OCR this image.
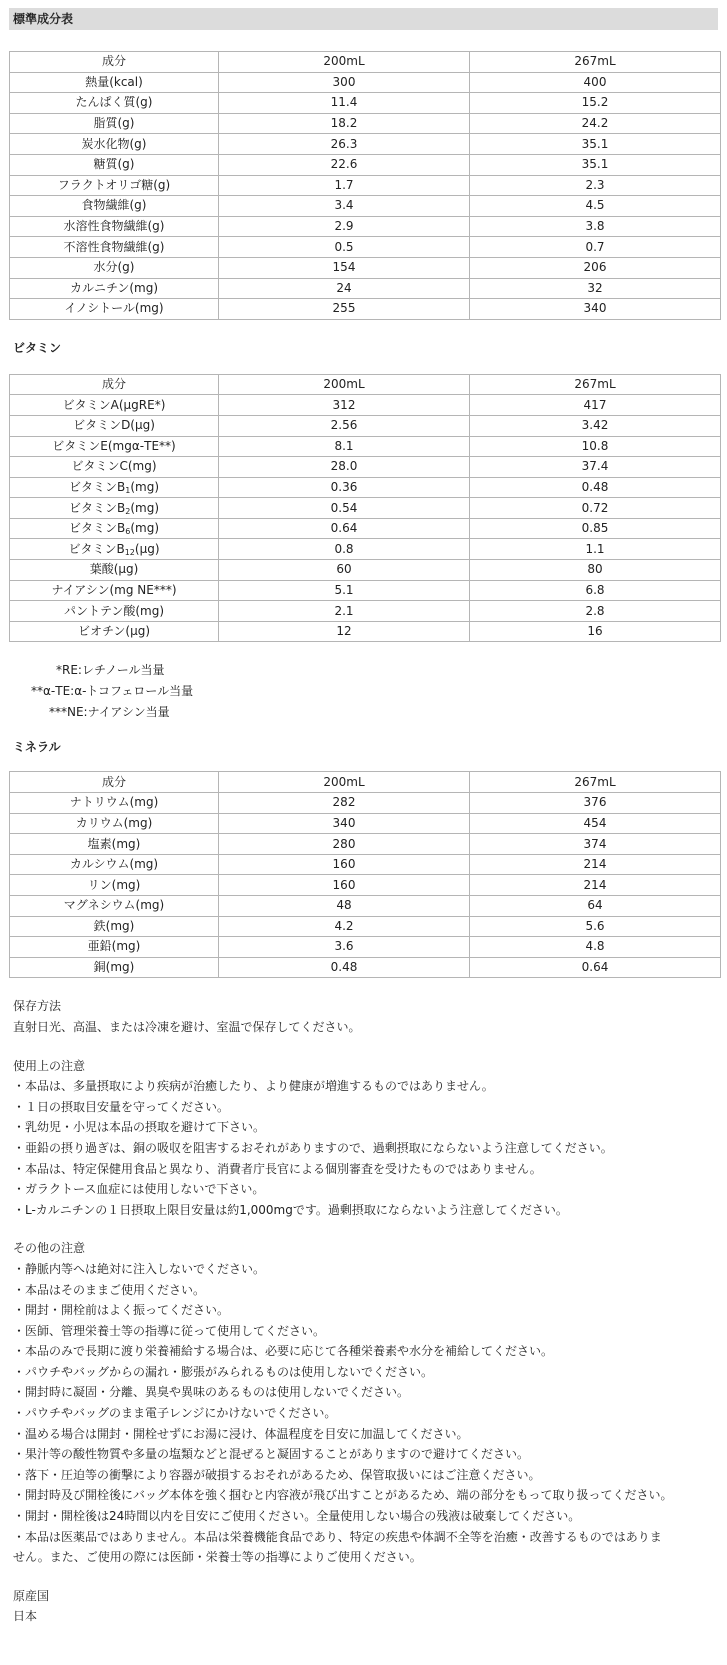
標準成分表
成分	200mL	267mL
熱量(kcal)	300	400
たんぱく質(g)	11.4	15.2
脂質(g)	18.2	24.2
炭水化物(g)	26.3	35.1
糖質(g)	22.6	35.1
フラクトオリゴ糖(g)	1.7	2.3
食物繊維(g)	3.4	4.5
水溶性食物繊維(g)	2.9	3.8
不溶性食物繊維(g)	0.5	0.7
水分(g)	154	206
カルニチン(mg)	24	32
イノシトール(mg)	255	340
ビタミン
成分	200mL	267mL
ビタミンA(μgRE*)	312	417
ビタミンD(μg)	2.56	3.42
ビタミンE(mgα-TE**)	8.1	10.8
ビタミンC(mg)	28.0	37.4
ビタミン$B_1(mg)$	0.36	0.48
ビタミン$B_2(mg)$	0.54	0.72
ビタミン$B_6(mg)$	0.64	0.85
ビタミン$B_{12}(\mu g)$	0.8	1.1
葉酸(μg)	60	80
ナイアシン(mg NE***)	5.1	6.8
パントテン酸(mg)	2.1	2.8
ビオチン(μg)	12	16
*RE:レチノール当量
**α-TE:α-トコフェロール当量
***NE:ナイアシン当量
ミネラル
成分	200mL	267mL
ナトリウム(mg)	282	376
カリウム(mg)	340	454
塩素(mg)	280	374
カルシウム(mg)	160	214
リン(mg)	160	214
マグネシウム(mg)	48	64
鉄(mg)	4.2	5.6
亜鉛(mg)	3.6	4.8
銅(mg)	0.48	0.64
保存方法
直射日光、高温、または冷凍を避け、室温で保存してください。
使用上の注意
・本品は、多量摂取により疾病が治癒したり、より健康が増進するものではありません。
・１日の摂取目安量を守ってください。
・乳幼児・小児は本品の摂取を避けて下さい。
・亜鉛の摂り過ぎは、銅の吸収を阻害するおそれがありますので、過剰摂取にならないよう注意してください。
・本品は、特定保健用食品と異なり、消費者庁長官による個別審査を受けたものではありません。
・ガラクトース血症には使用しないで下さい。
・L-カルニチンの１日摂取上限目安量は約1,000mgです。過剰摂取にならないよう注意してください。
その他の注意
・静脈内等へは絶対に注入しないでください。
・本品はそのままご使用ください。
・開封・開栓前はよく振ってください。
・医師、管理栄養士等の指導に従って使用してください。
・本品のみで長期に渡り栄養補給する場合は、必要に応じて各種栄養素や水分を補給してください。
・パウチやバッグからの漏れ・膨張がみられるものは使用しないでください。
・開封時に凝固・分離、異臭や異味のあるものは使用しないでください。
・パウチやバッグのまま電子レンジにかけないでください。
・温める場合は開封・開栓せずにお湯に浸け、体温程度を目安に加温してください。
・果汁等の酸性物質や多量の塩類などと混ぜると凝固することがありますので避けてください。
・落下・圧迫等の衝撃により容器が破損するおそれがあるため、保管取扱いにはご注意ください。
・開封時及び開栓後にバッグ本体を強く掴むと内容液が飛び出すことがあるため、端の部分をもって取り扱ってください。
・開封・開栓後は24時間以内を目安にご使用ください。全量使用しない場合の残液は破棄してください。
・本品は医薬品ではありません。本品は栄養機能食品であり、特定の疾患や体調不全等を治癒・改善するものではありま
せん。また、ご使用の際には医師・栄養士等の指導によりご使用ください。
原産国
日本
